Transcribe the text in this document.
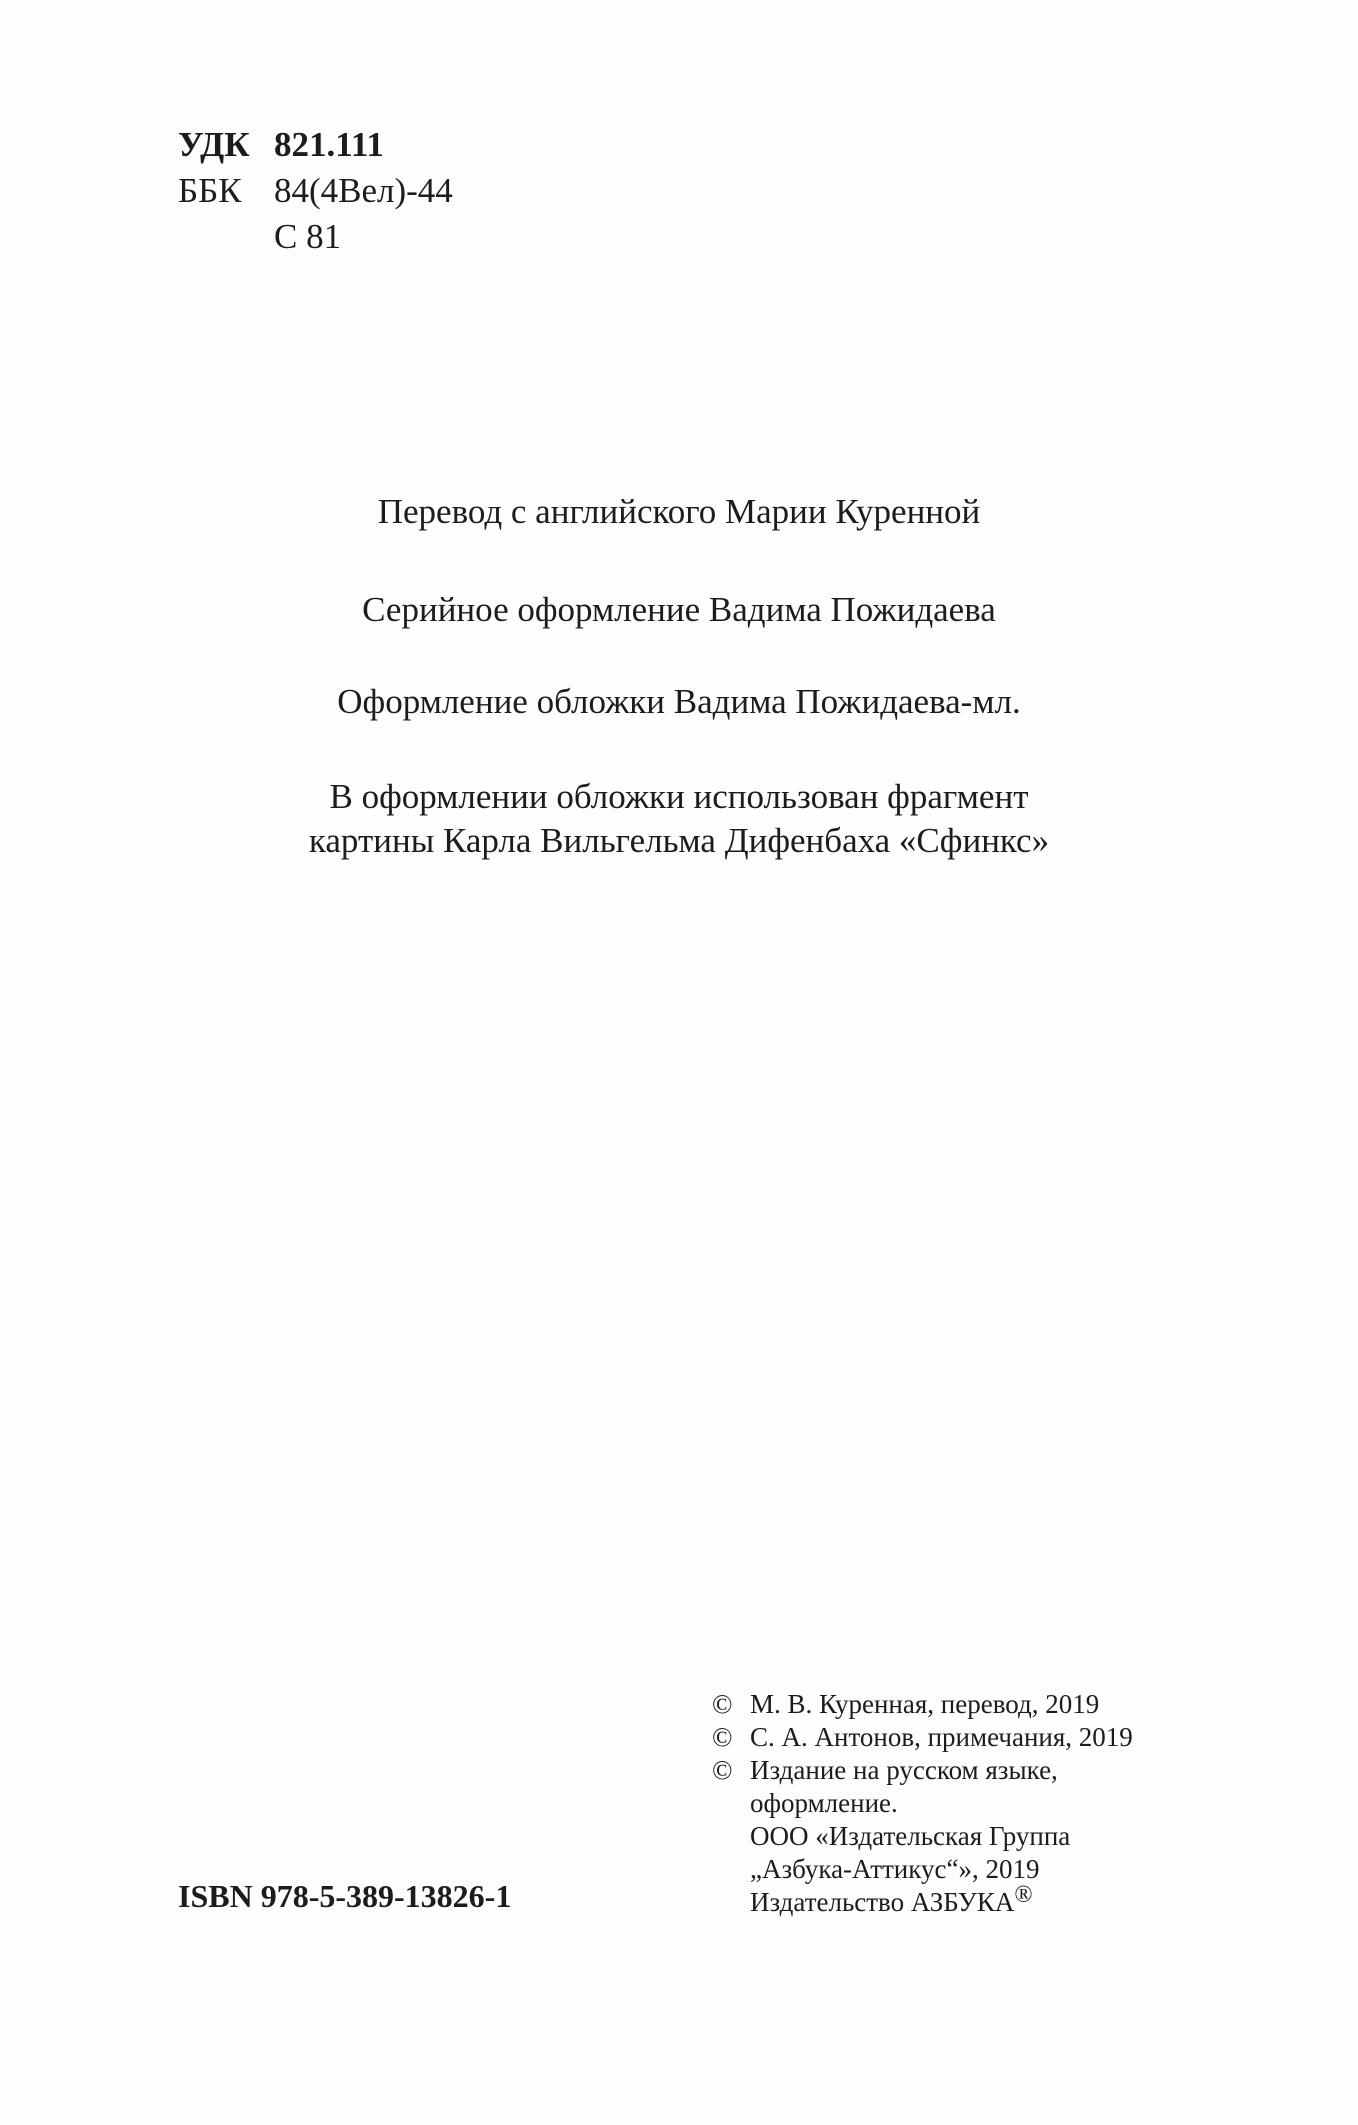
УДК 821.111
ББК 84(4Вел)-44
С 81
Перевод с английского Марии Куренной
Серийное оформление Вадима Пожидаева
Оформление обложки Вадима Пожидаева-мл.
В оформлении обложки использован фрагмент
картины Карла Вильгельма Дифенбаха «Сфинкс»
ISBN 978-5-389-13826-1
© М. В. Куренная, перевод, 2019
© С. А. Антонов, примечания, 2019
© Издание на русском языке,
оформление.
ООО «Издательская Группа
„Азбука-Аттикус“», 2019
Издательство АЗБУКА®
